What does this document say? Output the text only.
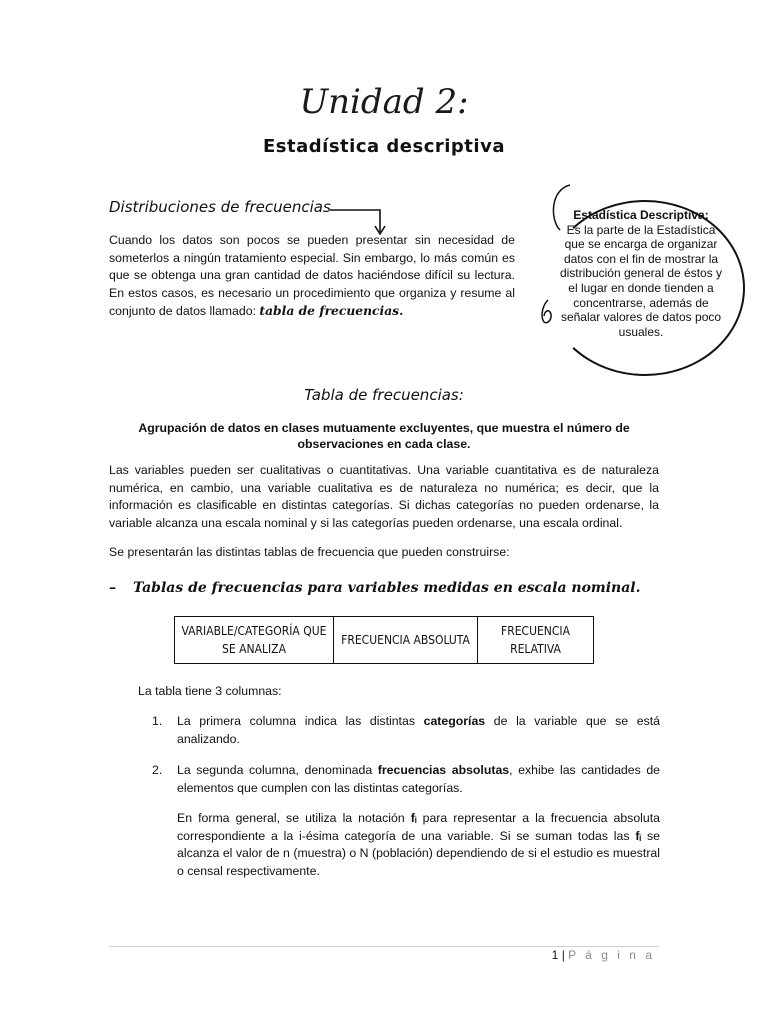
Unidad 2:
Estadística descriptiva
Distribuciones de frecuencias
Cuando los datos son pocos se pueden presentar sin necesidad de someterlos a ningún tratamiento especial. Sin embargo, lo más común es que se obtenga una gran cantidad de datos haciéndose difícil su lectura. En estos casos, es necesario un procedimiento que organiza y resume al conjunto de datos llamado: tabla de frecuencias.
Estadística Descriptiva:
Es la parte de la Estadística que se encarga de organizar datos con el fin de mostrar la distribución general de éstos y el lugar en donde tienden a concentrarse, además de señalar valores de datos poco usuales.
Tabla de frecuencias:
Agrupación de datos en clases mutuamente excluyentes, que muestra el número de observaciones en cada clase.
Las variables pueden ser cualitativas o cuantitativas. Una variable cuantitativa es de naturaleza numérica, en cambio, una variable cualitativa es de naturaleza no numérica; es decir, que la información es clasificable en distintas categorías. Si dichas categorías no pueden ordenarse, la variable alcanza una escala nominal y si las categorías pueden ordenarse, una escala ordinal.
Se presentarán las distintas tablas de frecuencia que pueden construirse:
– Tablas de frecuencias para variables medidas en escala nominal.
VARIABLE/CATEGORÍA QUE SE ANALIZA	FRECUENCIA ABSOLUTA	FRECUENCIA RELATIVA
La tabla tiene 3 columnas:
1. La primera columna indica las distintas categorías de la variable que se está analizando.
2. La segunda columna, denominada frecuencias absolutas, exhibe las cantidades de elementos que cumplen con las distintas categorías.
En forma general, se utiliza la notación fᵢ para representar a la frecuencia absoluta correspondiente a la i-ésima categoría de una variable. Si se suman todas las fᵢ se alcanza el valor de n (muestra) o N (población) dependiendo de si el estudio es muestral o censal respectivamente.
1 | P á g i n a
